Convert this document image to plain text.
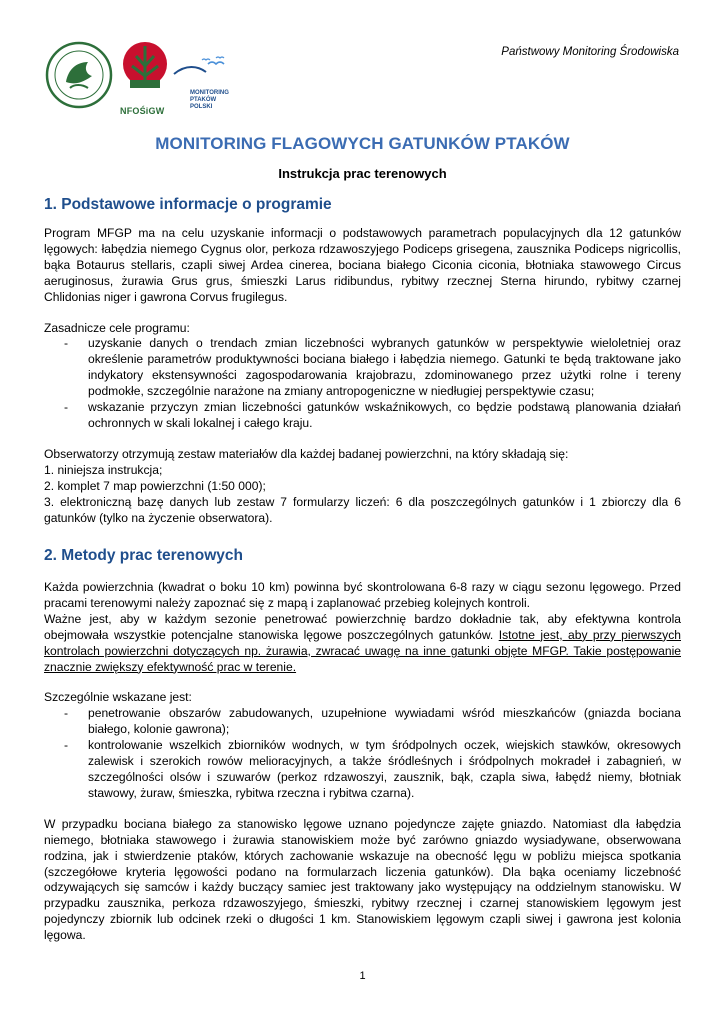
NFOŚiGW
MONITORING
PTAKÓW
POLSKI
Państwowy Monitoring Środowiska
MONITORING FLAGOWYCH GATUNKÓW PTAKÓW
Instrukcja prac terenowych
1. Podstawowe informacje o programie

Program MFGP ma na celu uzyskanie informacji o podstawowych parametrach populacyjnych dla 12 gatunków lęgowych: łabędzia niemego Cygnus olor, perkoza rdzawoszyjego Podiceps grisegena, zausznika Podiceps nigricollis, bąka Botaurus stellaris, czapli siwej Ardea cinerea, bociana białego Ciconia ciconia, błotniaka stawowego Circus aeruginosus, żurawia Grus grus, śmieszki Larus ridibundus, rybitwy rzecznej Sterna hirundo, rybitwy czarnej Chlidonias niger i gawrona Corvus frugilegus.

Zasadnicze cele programu:

- uzyskanie danych o trendach zmian liczebności wybranych gatunków w perspektywie wieloletniej oraz określenie parametrów produktywności bociana białego i łabędzia niemego. Gatunki te będą traktowane jako indykatory ekstensywności zagospodarowania krajobrazu, zdominowanego przez użytki rolne i tereny podmokłe, szczególnie narażone na zmiany antropogeniczne w niedługiej perspektywie czasu;
- wskazanie przyczyn zmian liczebności gatunków wskaźnikowych, co będzie podstawą planowania działań ochronnych w skali lokalnej i całego kraju.

Obserwatorzy otrzymują zestaw materiałów dla każdej badanej powierzchni, na który składają się:

1. niniejsza instrukcja;

2. komplet 7 map powierzchni (1:50 000);

3. elektroniczną bazę danych lub zestaw 7 formularzy liczeń: 6 dla poszczególnych gatunków i 1 zbiorczy dla 6 gatunków (tylko na życzenie obserwatora).

2. Metody prac terenowych

Każda powierzchnia (kwadrat o boku 10 km) powinna być skontrolowana 6-8 razy w ciągu sezonu lęgowego. Przed pracami terenowymi należy zapoznać się z mapą i zaplanować przebieg kolejnych kontroli.

Ważne jest, aby w każdym sezonie penetrować powierzchnię bardzo dokładnie tak, aby efektywna kontrola obejmowała wszystkie potencjalne stanowiska lęgowe poszczególnych gatunków. Istotne jest, aby przy pierwszych kontrolach powierzchni dotyczących np. żurawia, zwracać uwagę na inne gatunki objęte MFGP. Takie postępowanie znacznie zwiększy efektywność prac w terenie.

Szczególnie wskazane jest:

- penetrowanie obszarów zabudowanych, uzupełnione wywiadami wśród mieszkańców (gniazda bociana białego, kolonie gawrona);
- kontrolowanie wszelkich zbiorników wodnych, w tym śródpolnych oczek, wiejskich stawków, okresowych zalewisk i szerokich rowów melioracyjnych, a także śródleśnych i śródpolnych mokradeł i zabagnień, w szczególności olsów i szuwarów (perkoz rdzawoszyi, zausznik, bąk, czapla siwa, łabędź niemy, błotniak stawowy, żuraw, śmieszka, rybitwa rzeczna i rybitwa czarna).

W przypadku bociana białego za stanowisko lęgowe uznano pojedyncze zajęte gniazdo. Natomiast dla łabędzia niemego, błotniaka stawowego i żurawia stanowiskiem może być zarówno gniazdo wysiadywane, obserwowana rodzina, jak i stwierdzenie ptaków, których zachowanie wskazuje na obecność lęgu w pobliżu miejsca spotkania (szczegółowe kryteria lęgowości podano na formularzach liczenia gatunków). Dla bąka oceniamy liczebność odzywających się samców i każdy buczący samiec jest traktowany jako występujący na oddzielnym stanowisku. W przypadku zausznika, perkoza rdzawoszyjego, śmieszki, rybitwy rzecznej i czarnej stanowiskiem lęgowym jest pojedynczy zbiornik lub odcinek rzeki o długości 1 km. Stanowiskiem lęgowym czapli siwej i gawrona jest kolonia lęgowa.

1
